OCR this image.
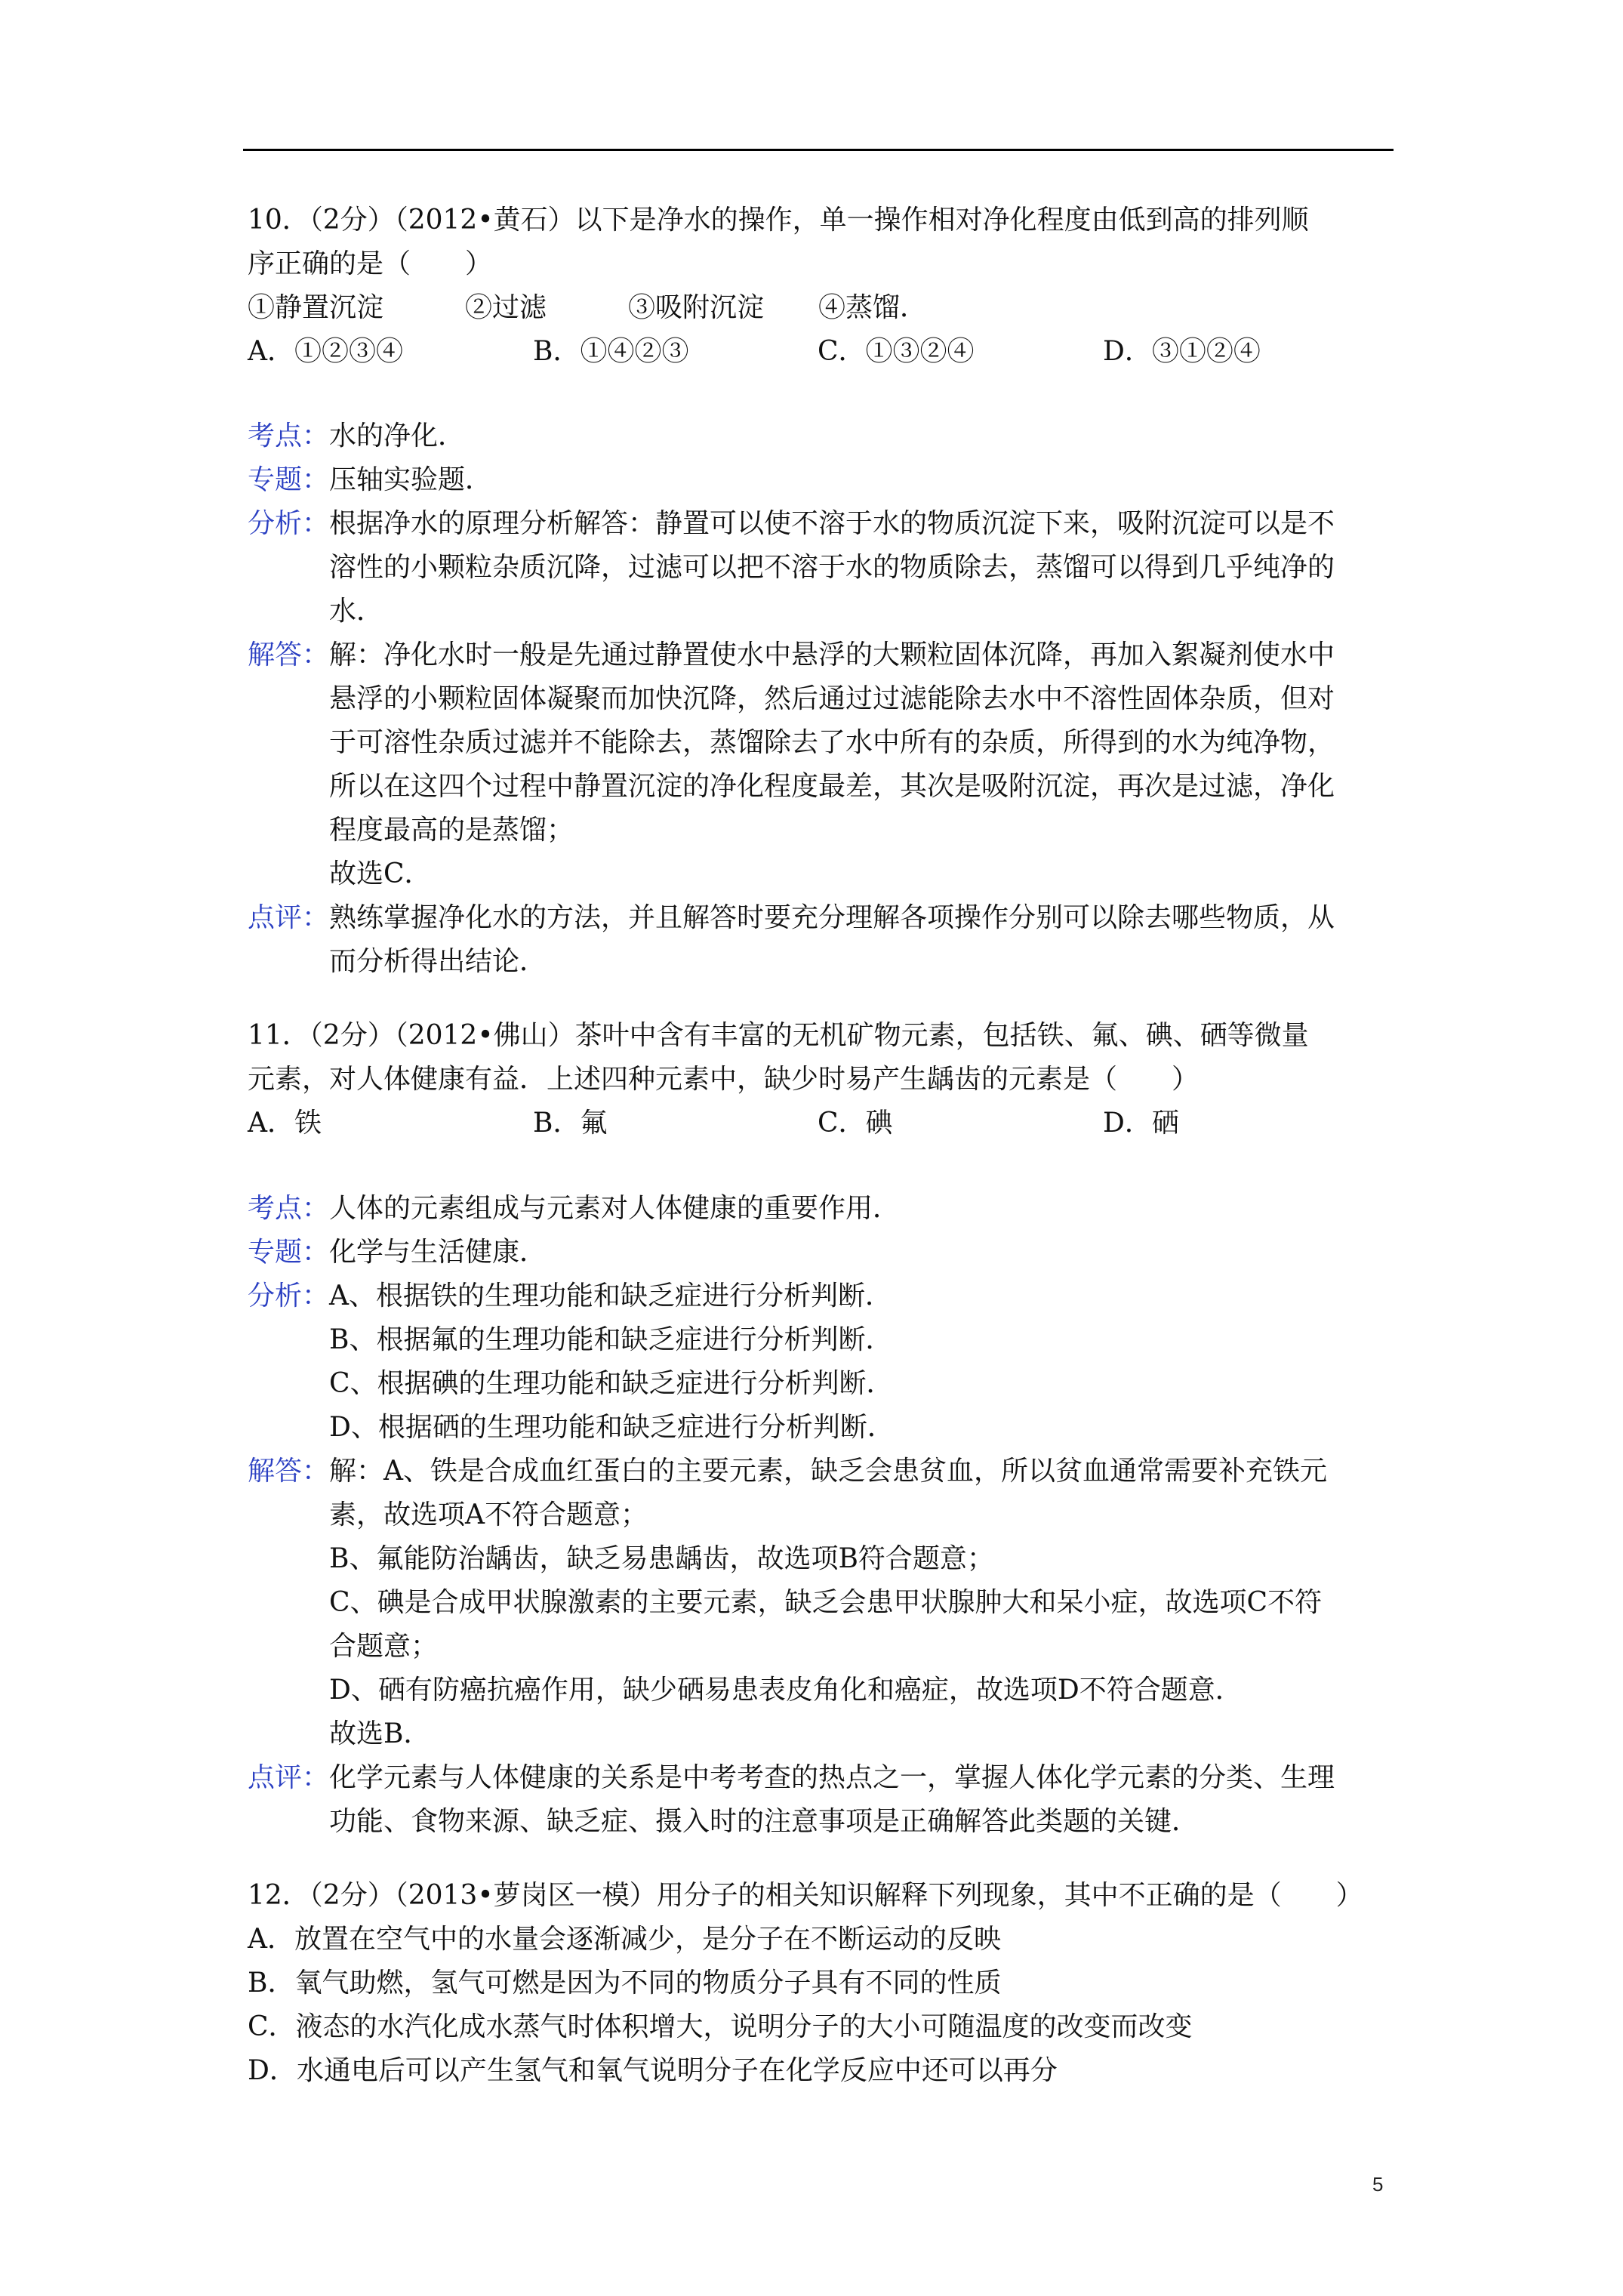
10．（2分）（2012•黄石）以下是净水的操作，单一操作相对净化程度由低到高的排列顺
序正确的是（　　）
①静置沉淀　　　②过滤　　　③吸附沉淀　　④蒸馏．
A．①②③④	B．①④②③	C．①③②④	D．③①②④
考点： 水的净化．
专题： 压轴实验题．
分析： 根据净水的原理分析解答：静置可以使不溶于水的物质沉淀下来，吸附沉淀可以是不
溶性的小颗粒杂质沉降，过滤可以把不溶于水的物质除去，蒸馏可以得到几乎纯净的
水．
解答： 解：净化水时一般是先通过静置使水中悬浮的大颗粒固体沉降，再加入絮凝剂使水中
悬浮的小颗粒固体凝聚而加快沉降，然后通过过滤能除去水中不溶性固体杂质，但对
于可溶性杂质过滤并不能除去，蒸馏除去了水中所有的杂质，所得到的水为纯净物，
所以在这四个过程中静置沉淀的净化程度最差，其次是吸附沉淀，再次是过滤，净化
程度最高的是蒸馏；
故选C．
点评： 熟练掌握净化水的方法，并且解答时要充分理解各项操作分别可以除去哪些物质，从
而分析得出结论．
11．（2分）（2012•佛山）茶叶中含有丰富的无机矿物元素，包括铁、氟、碘、硒等微量
元素，对人体健康有益．上述四种元素中，缺少时易产生龋齿的元素是（　　）
A．铁	B．氟	C．碘	D．硒
考点： 人体的元素组成与元素对人体健康的重要作用．
专题： 化学与生活健康．
分析： A、根据铁的生理功能和缺乏症进行分析判断．
B、根据氟的生理功能和缺乏症进行分析判断．
C、根据碘的生理功能和缺乏症进行分析判断．
D、根据硒的生理功能和缺乏症进行分析判断．
解答： 解：A、铁是合成血红蛋白的主要元素，缺乏会患贫血，所以贫血通常需要补充铁元
素，故选项A不符合题意；
B、氟能防治龋齿，缺乏易患龋齿，故选项B符合题意；
C、碘是合成甲状腺激素的主要元素，缺乏会患甲状腺肿大和呆小症，故选项C不符
合题意；
D、硒有防癌抗癌作用，缺少硒易患表皮角化和癌症，故选项D不符合题意．
故选B．
点评： 化学元素与人体健康的关系是中考考查的热点之一，掌握人体化学元素的分类、生理
功能、食物来源、缺乏症、摄入时的注意事项是正确解答此类题的关键．
12．（2分）（2013•萝岗区一模）用分子的相关知识解释下列现象，其中不正确的是（　　）
A．放置在空气中的水量会逐渐减少，是分子在不断运动的反映
B．氧气助燃，氢气可燃是因为不同的物质分子具有不同的性质
C．液态的水汽化成水蒸气时体积增大，说明分子的大小可随温度的改变而改变
D．水通电后可以产生氢气和氧气说明分子在化学反应中还可以再分
5
